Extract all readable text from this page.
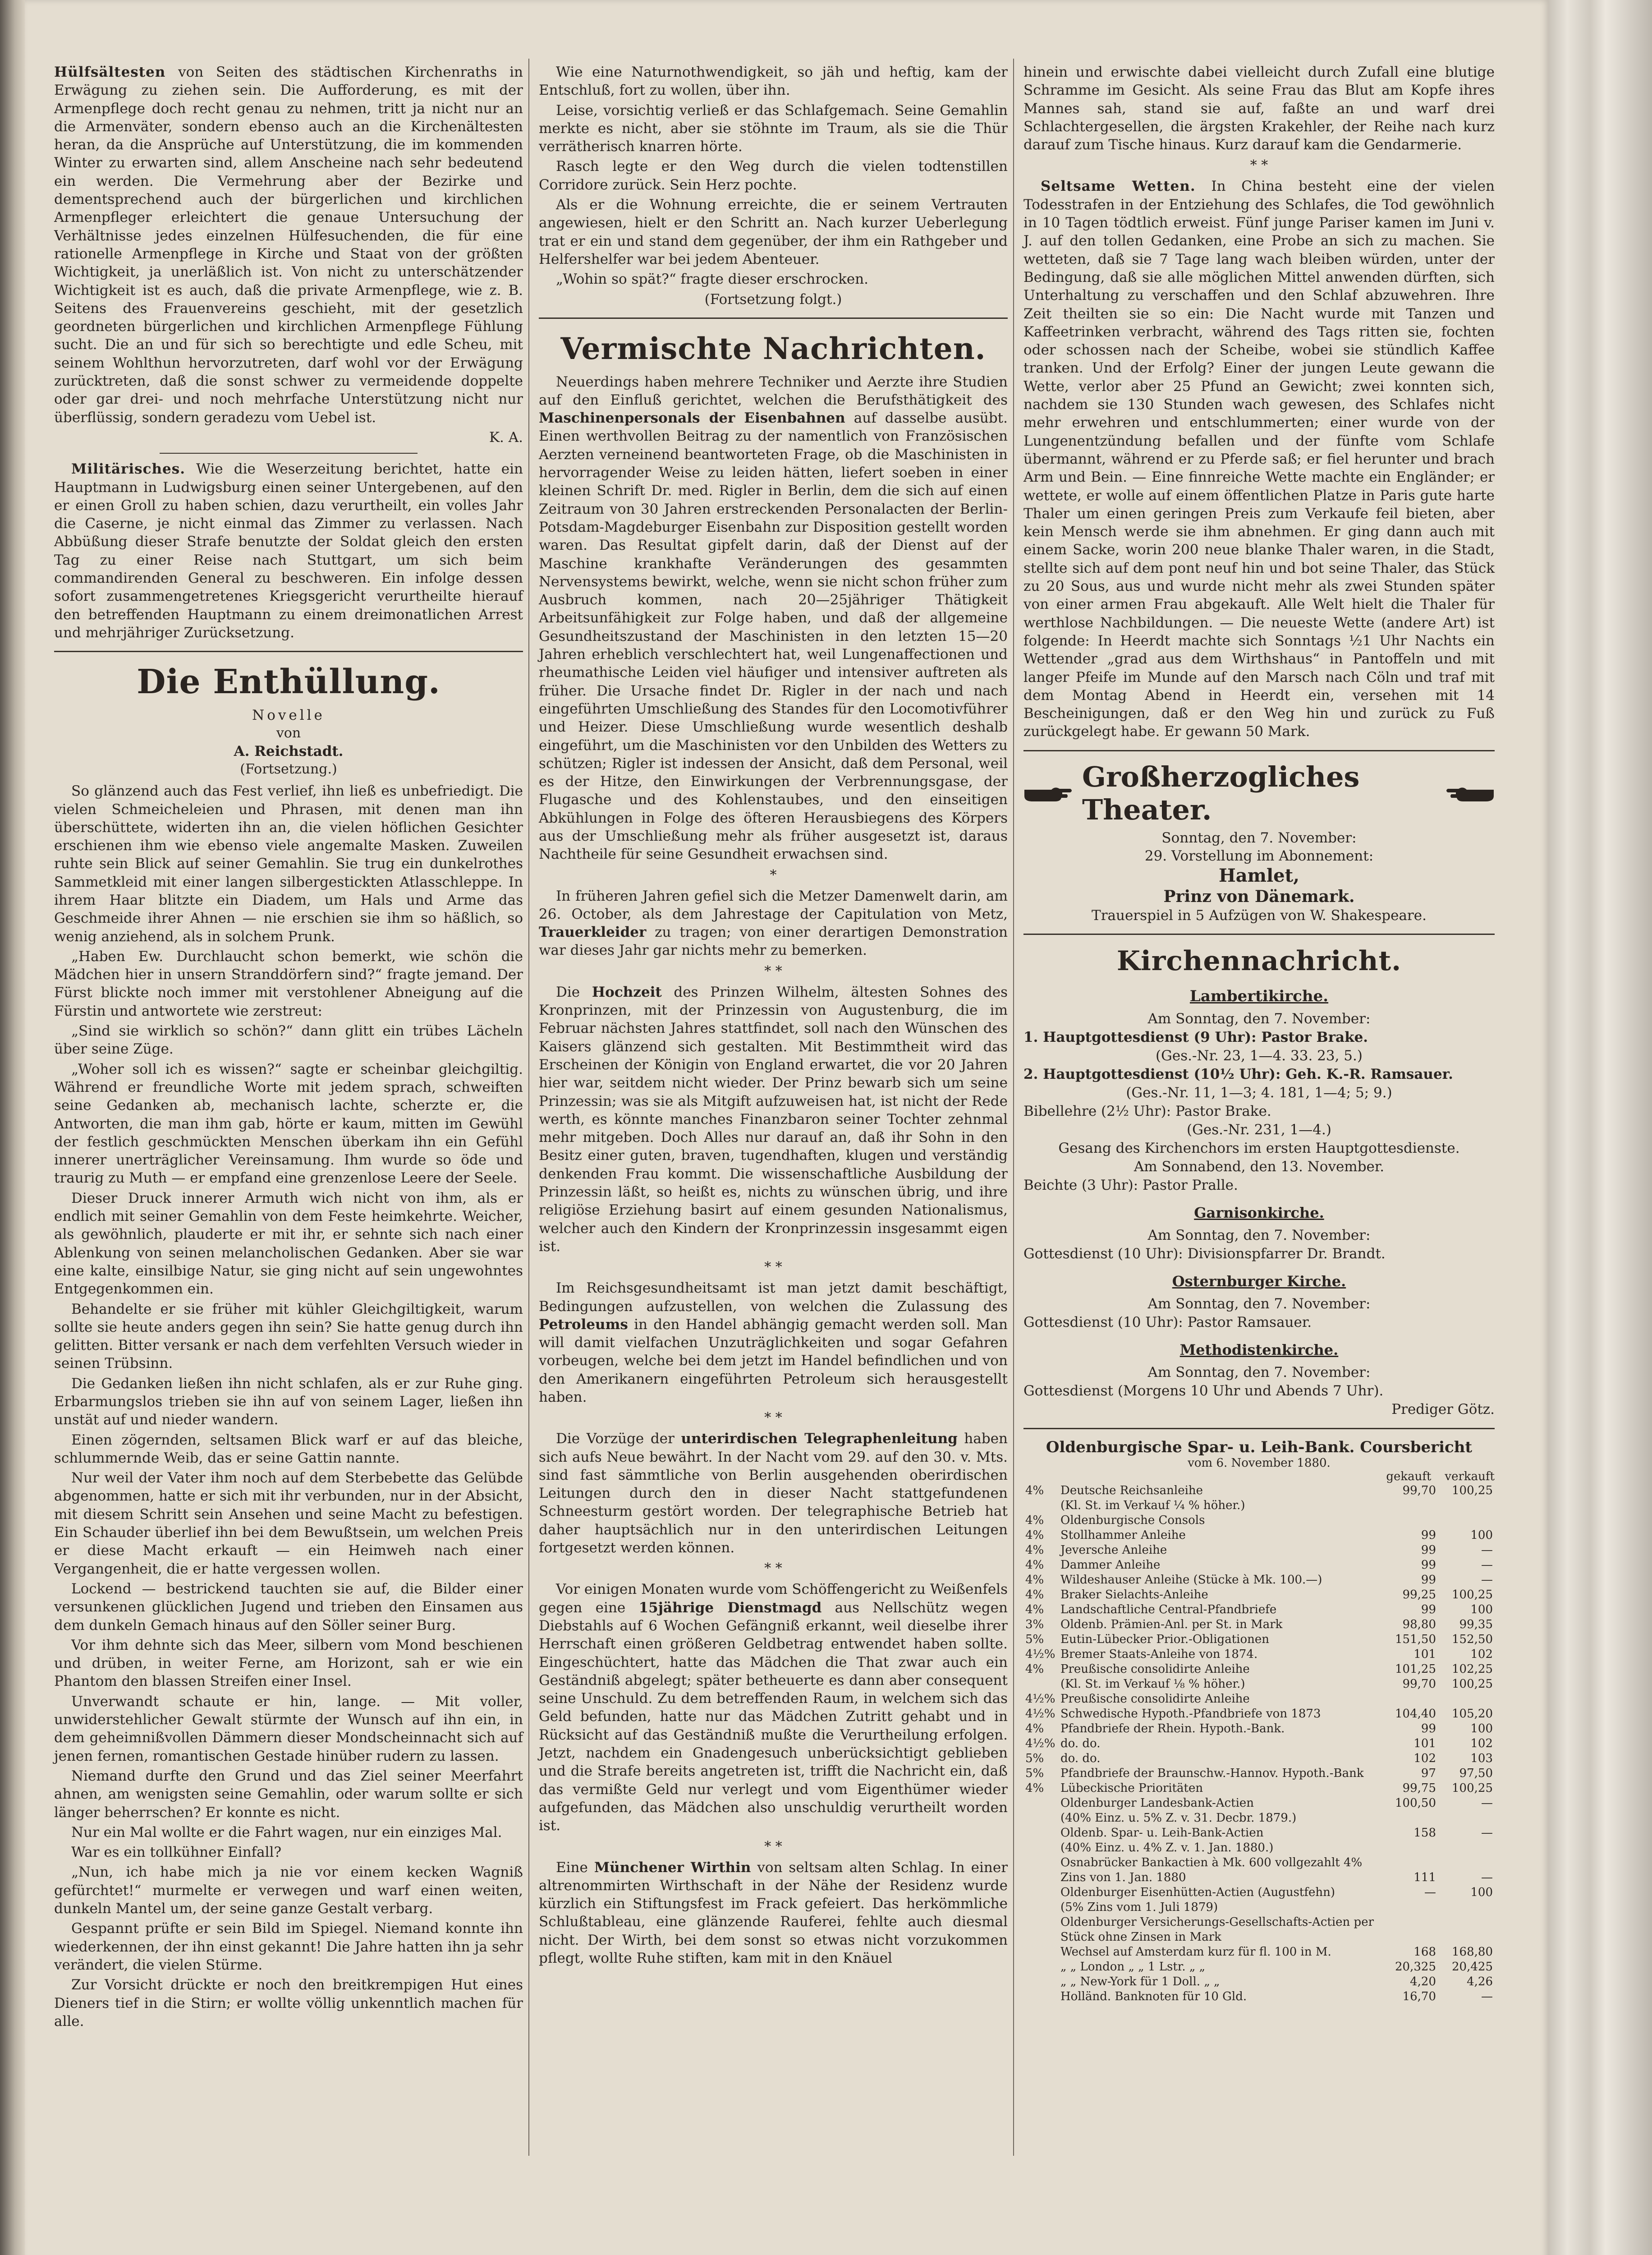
Hülfsältesten von Seiten des städtischen Kirchenraths in Erwägung zu ziehen sein. Die Aufforderung, es mit der Armenpflege doch recht genau zu nehmen, tritt ja nicht nur an die Armenväter, sondern ebenso auch an die Kirchenältesten heran, da die Ansprüche auf Unterstützung, die im kommenden Winter zu erwarten sind, allem Anscheine nach sehr bedeutend ein werden. Die Vermehrung aber der Bezirke und dementsprechend auch der bürgerlichen und kirchlichen Armenpfleger erleichtert die genaue Untersuchung der Verhältnisse jedes einzelnen Hülfesuchenden, die für eine rationelle Armenpflege in Kirche und Staat von der größten Wichtigkeit, ja unerläßlich ist. Von nicht zu unterschätzender Wichtigkeit ist es auch, daß die private Armenpflege, wie z. B. Seitens des Frauenvereins geschieht, mit der gesetzlich geordneten bürgerlichen und kirchlichen Armenpflege Fühlung sucht. Die an und für sich so berechtigte und edle Scheu, mit seinem Wohlthun hervorzutreten, darf wohl vor der Erwägung zurücktreten, daß die sonst schwer zu vermeidende doppelte oder gar drei- und noch mehrfache Unterstützung nicht nur überflüssig, sondern geradezu vom Uebel ist.

K. A.

Militärisches. Wie die Weserzeitung berichtet, hatte ein Hauptmann in Ludwigsburg einen seiner Untergebenen, auf den er einen Groll zu haben schien, dazu verurtheilt, ein volles Jahr die Caserne, je nicht einmal das Zimmer zu verlassen. Nach Abbüßung dieser Strafe benutzte der Soldat gleich den ersten Tag zu einer Reise nach Stuttgart, um sich beim commandirenden General zu beschweren. Ein infolge dessen sofort zusammengetretenes Kriegsgericht verurtheilte hierauf den betreffenden Hauptmann zu einem dreimonatlichen Arrest und mehrjähriger Zurücksetzung.

Die Enthüllung.

Novelle

von

A. Reichstadt.

(Fortsetzung.)

So glänzend auch das Fest verlief, ihn ließ es unbefriedigt. Die vielen Schmeicheleien und Phrasen, mit denen man ihn überschüttete, widerten ihn an, die vielen höflichen Gesichter erschienen ihm wie ebenso viele angemalte Masken. Zuweilen ruhte sein Blick auf seiner Gemahlin. Sie trug ein dunkelrothes Sammetkleid mit einer langen silbergestickten Atlasschleppe. In ihrem Haar blitzte ein Diadem, um Hals und Arme das Geschmeide ihrer Ahnen — nie erschien sie ihm so häßlich, so wenig anziehend, als in solchem Prunk.

„Haben Ew. Durchlaucht schon bemerkt, wie schön die Mädchen hier in unsern Stranddörfern sind?“ fragte jemand. Der Fürst blickte noch immer mit verstohlener Abneigung auf die Fürstin und antwortete wie zerstreut:

„Sind sie wirklich so schön?“ dann glitt ein trübes Lächeln über seine Züge.

„Woher soll ich es wissen?“ sagte er scheinbar gleichgiltig. Während er freundliche Worte mit jedem sprach, schweiften seine Gedanken ab, mechanisch lachte, scherzte er, die Antworten, die man ihm gab, hörte er kaum, mitten im Gewühl der festlich geschmückten Menschen überkam ihn ein Gefühl innerer unerträglicher Vereinsamung. Ihm wurde so öde und traurig zu Muth — er empfand eine grenzenlose Leere der Seele.

Dieser Druck innerer Armuth wich nicht von ihm, als er endlich mit seiner Gemahlin von dem Feste heimkehrte. Weicher, als gewöhnlich, plauderte er mit ihr, er sehnte sich nach einer Ablenkung von seinen melancholischen Gedanken. Aber sie war eine kalte, einsilbige Natur, sie ging nicht auf sein ungewohntes Entgegenkommen ein.

Behandelte er sie früher mit kühler Gleichgiltigkeit, warum sollte sie heute anders gegen ihn sein? Sie hatte genug durch ihn gelitten. Bitter versank er nach dem verfehlten Versuch wieder in seinen Trübsinn.

Die Gedanken ließen ihn nicht schlafen, als er zur Ruhe ging. Erbarmungslos trieben sie ihn auf von seinem Lager, ließen ihn unstät auf und nieder wandern.

Einen zögernden, seltsamen Blick warf er auf das bleiche, schlummernde Weib, das er seine Gattin nannte.

Nur weil der Vater ihm noch auf dem Sterbebette das Gelübde abgenommen, hatte er sich mit ihr verbunden, nur in der Absicht, mit diesem Schritt sein Ansehen und seine Macht zu befestigen. Ein Schauder überlief ihn bei dem Bewußtsein, um welchen Preis er diese Macht erkauft — ein Heimweh nach einer Vergangenheit, die er hatte vergessen wollen.

Lockend — bestrickend tauchten sie auf, die Bilder einer versunkenen glücklichen Jugend und trieben den Einsamen aus dem dunkeln Gemach hinaus auf den Söller seiner Burg.

Vor ihm dehnte sich das Meer, silbern vom Mond beschienen und drüben, in weiter Ferne, am Horizont, sah er wie ein Phantom den blassen Streifen einer Insel.

Unverwandt schaute er hin, lange. — Mit voller, unwiderstehlicher Gewalt stürmte der Wunsch auf ihn ein, in dem geheimnißvollen Dämmern dieser Mondscheinnacht sich auf jenen fernen, romantischen Gestade hinüber rudern zu lassen.

Niemand durfte den Grund und das Ziel seiner Meerfahrt ahnen, am wenigsten seine Gemahlin, oder warum sollte er sich länger beherrschen? Er konnte es nicht.

Nur ein Mal wollte er die Fahrt wagen, nur ein einziges Mal.

War es ein tollkühner Einfall?

„Nun, ich habe mich ja nie vor einem kecken Wagniß gefürchtet!“ murmelte er verwegen und warf einen weiten, dunkeln Mantel um, der seine ganze Gestalt verbarg.

Gespannt prüfte er sein Bild im Spiegel. Niemand konnte ihn wiederkennen, der ihn einst gekannt! Die Jahre hatten ihn ja sehr verändert, die vielen Stürme.

Zur Vorsicht drückte er noch den breitkrempigen Hut eines Dieners tief in die Stirn; er wollte völlig unkenntlich machen für alle.

Wie eine Naturnothwendigkeit, so jäh und heftig, kam der Entschluß, fort zu wollen, über ihn.

Leise, vorsichtig verließ er das Schlafgemach. Seine Gemahlin merkte es nicht, aber sie stöhnte im Traum, als sie die Thür verrätherisch knarren hörte.

Rasch legte er den Weg durch die vielen todtenstillen Corridore zurück. Sein Herz pochte.

Als er die Wohnung erreichte, die er seinem Vertrauten angewiesen, hielt er den Schritt an. Nach kurzer Ueberlegung trat er ein und stand dem gegenüber, der ihm ein Rathgeber und Helfershelfer war bei jedem Abenteuer.

„Wohin so spät?“ fragte dieser erschrocken.

(Fortsetzung folgt.)

Vermischte Nachrichten.

Neuerdings haben mehrere Techniker und Aerzte ihre Studien auf den Einfluß gerichtet, welchen die Berufsthätigkeit des Maschinenpersonals der Eisenbahnen auf dasselbe ausübt. Einen werthvollen Beitrag zu der namentlich von Französischen Aerzten verneinend beantworteten Frage, ob die Maschinisten in hervorragender Weise zu leiden hätten, liefert soeben in einer kleinen Schrift Dr. med. Rigler in Berlin, dem die sich auf einen Zeitraum von 30 Jahren erstreckenden Personalacten der Berlin-Potsdam-Magdeburger Eisenbahn zur Disposition gestellt worden waren. Das Resultat gipfelt darin, daß der Dienst auf der Maschine krankhafte Veränderungen des gesammten Nervensystems bewirkt, welche, wenn sie nicht schon früher zum Ausbruch kommen, nach 20—25jähriger Thätigkeit Arbeitsunfähigkeit zur Folge haben, und daß der allgemeine Gesundheitszustand der Maschinisten in den letzten 15—20 Jahren erheblich verschlechtert hat, weil Lungenaffectionen und rheumathische Leiden viel häufiger und intensiver auftreten als früher. Die Ursache findet Dr. Rigler in der nach und nach eingeführten Umschließung des Standes für den Locomotivführer und Heizer. Diese Umschließung wurde wesentlich deshalb eingeführt, um die Maschinisten vor den Unbilden des Wetters zu schützen; Rigler ist indessen der Ansicht, daß dem Personal, weil es der Hitze, den Einwirkungen der Verbrennungsgase, der Flugasche und des Kohlenstaubes, und den einseitigen Abkühlungen in Folge des öfteren Herausbiegens des Körpers aus der Umschließung mehr als früher ausgesetzt ist, daraus Nachtheile für seine Gesundheit erwachsen sind.

*

In früheren Jahren gefiel sich die Metzer Damenwelt darin, am 26. October, als dem Jahrestage der Capitulation von Metz, Trauerkleider zu tragen; von einer derartigen Demonstration war dieses Jahr gar nichts mehr zu bemerken.

* *

Die Hochzeit des Prinzen Wilhelm, ältesten Sohnes des Kronprinzen, mit der Prinzessin von Augustenburg, die im Februar nächsten Jahres stattfindet, soll nach den Wünschen des Kaisers glänzend sich gestalten. Mit Bestimmtheit wird das Erscheinen der Königin von England erwartet, die vor 20 Jahren hier war, seitdem nicht wieder. Der Prinz bewarb sich um seine Prinzessin; was sie als Mitgift aufzuweisen hat, ist nicht der Rede werth, es könnte manches Finanzbaron seiner Tochter zehnmal mehr mitgeben. Doch Alles nur darauf an, daß ihr Sohn in den Besitz einer guten, braven, tugendhaften, klugen und verständig denkenden Frau kommt. Die wissenschaftliche Ausbildung der Prinzessin läßt, so heißt es, nichts zu wünschen übrig, und ihre religiöse Erziehung basirt auf einem gesunden Nationalismus, welcher auch den Kindern der Kronprinzessin insgesammt eigen ist.

* *

Im Reichsgesundheitsamt ist man jetzt damit beschäftigt, Bedingungen aufzustellen, von welchen die Zulassung des Petroleums in den Handel abhängig gemacht werden soll. Man will damit vielfachen Unzuträglichkeiten und sogar Gefahren vorbeugen, welche bei dem jetzt im Handel befindlichen und von den Amerikanern eingeführten Petroleum sich herausgestellt haben.

* *

Die Vorzüge der unterirdischen Telegraphenleitung haben sich aufs Neue bewährt. In der Nacht vom 29. auf den 30. v. Mts. sind fast sämmtliche von Berlin ausgehenden oberirdischen Leitungen durch den in dieser Nacht stattgefundenen Schneesturm gestört worden. Der telegraphische Betrieb hat daher hauptsächlich nur in den unterirdischen Leitungen fortgesetzt werden können.

* *

Vor einigen Monaten wurde vom Schöffengericht zu Weißenfels gegen eine 15jährige Dienstmagd aus Nellschütz wegen Diebstahls auf 6 Wochen Gefängniß erkannt, weil dieselbe ihrer Herrschaft einen größeren Geldbetrag entwendet haben sollte. Eingeschüchtert, hatte das Mädchen die That zwar auch ein Geständniß abgelegt; später betheuerte es dann aber consequent seine Unschuld. Zu dem betreffenden Raum, in welchem sich das Geld befunden, hatte nur das Mädchen Zutritt gehabt und in Rücksicht auf das Geständniß mußte die Verurtheilung erfolgen. Jetzt, nachdem ein Gnadengesuch unberücksichtigt geblieben und die Strafe bereits angetreten ist, trifft die Nachricht ein, daß das vermißte Geld nur verlegt und vom Eigenthümer wieder aufgefunden, das Mädchen also unschuldig verurtheilt worden ist.

* *

Eine Münchener Wirthin von seltsam alten Schlag. In einer altrenommirten Wirthschaft in der Nähe der Residenz wurde kürzlich ein Stiftungsfest im Frack gefeiert. Das herkömmliche Schlußtableau, eine glänzende Rauferei, fehlte auch diesmal nicht. Der Wirth, bei dem sonst so etwas nicht vorzukommen pflegt, wollte Ruhe stiften, kam mit in den Knäuel

hinein und erwischte dabei vielleicht durch Zufall eine blutige Schramme im Gesicht. Als seine Frau das Blut am Kopfe ihres Mannes sah, stand sie auf, faßte an und warf drei Schlachtergesellen, die ärgsten Krakehler, der Reihe nach kurz darauf zum Tische hinaus. Kurz darauf kam die Gendarmerie.

* *

Seltsame Wetten. In China besteht eine der vielen Todesstrafen in der Entziehung des Schlafes, die Tod gewöhnlich in 10 Tagen tödtlich erweist. Fünf junge Pariser kamen im Juni v. J. auf den tollen Gedanken, eine Probe an sich zu machen. Sie wetteten, daß sie 7 Tage lang wach bleiben würden, unter der Bedingung, daß sie alle möglichen Mittel anwenden dürften, sich Unterhaltung zu verschaffen und den Schlaf abzuwehren. Ihre Zeit theilten sie so ein: Die Nacht wurde mit Tanzen und Kaffeetrinken verbracht, während des Tags ritten sie, fochten oder schossen nach der Scheibe, wobei sie stündlich Kaffee tranken. Und der Erfolg? Einer der jungen Leute gewann die Wette, verlor aber 25 Pfund an Gewicht; zwei konnten sich, nachdem sie 130 Stunden wach gewesen, des Schlafes nicht mehr erwehren und entschlummerten; einer wurde von der Lungenentzündung befallen und der fünfte vom Schlafe übermannt, während er zu Pferde saß; er fiel herunter und brach Arm und Bein. — Eine finnreiche Wette machte ein Engländer; er wettete, er wolle auf einem öffentlichen Platze in Paris gute harte Thaler um einen geringen Preis zum Verkaufe feil bieten, aber kein Mensch werde sie ihm abnehmen. Er ging dann auch mit einem Sacke, worin 200 neue blanke Thaler waren, in die Stadt, stellte sich auf dem pont neuf hin und bot seine Thaler, das Stück zu 20 Sous, aus und wurde nicht mehr als zwei Stunden später von einer armen Frau abgekauft. Alle Welt hielt die Thaler für werthlose Nachbildungen. — Die neueste Wette (andere Art) ist folgende: In Heerdt machte sich Sonntags ½1 Uhr Nachts ein Wettender „grad aus dem Wirthshaus“ in Pantoffeln und mit langer Pfeife im Munde auf den Marsch nach Cöln und traf mit dem Montag Abend in Heerdt ein, versehen mit 14 Bescheinigungen, daß er den Weg hin und zurück zu Fuß zurückgelegt habe. Er gewann 50 Mark.

Großherzogliches Theater.

Sonntag, den 7. November:

29. Vorstellung im Abonnement:

Hamlet,

Prinz von Dänemark.

Trauerspiel in 5 Aufzügen von W. Shakespeare.

Kirchennachricht.

Lambertikirche.

Am Sonntag, den 7. November:

1. Hauptgottesdienst (9 Uhr): Pastor Brake.

(Ges.-Nr. 23, 1—4. 33. 23, 5.)

2. Hauptgottesdienst (10½ Uhr): Geh. K.-R. Ramsauer.

(Ges.-Nr. 11, 1—3; 4. 181, 1—4; 5; 9.)

Bibellehre (2½ Uhr): Pastor Brake.

(Ges.-Nr. 231, 1—4.)

Gesang des Kirchenchors im ersten Hauptgottesdienste.

Am Sonnabend, den 13. November.

Beichte (3 Uhr): Pastor Pralle.

Garnisonkirche.

Am Sonntag, den 7. November:

Gottesdienst (10 Uhr): Divisionspfarrer Dr. Brandt.

Osternburger Kirche.

Am Sonntag, den 7. November:

Gottesdienst (10 Uhr): Pastor Ramsauer.

Methodistenkirche.

Am Sonntag, den 7. November:

Gottesdienst (Morgens 10 Uhr und Abends 7 Uhr).

Prediger Götz.

Oldenburgische Spar- u. Leih-Bank. Coursbericht
vom 6. November 1880.
gekauft verkauft
4%	Deutsche Reichsanleihe	99,70	100,25
	(Kl. St. im Verkauf ¼ % höher.)		
4%	Oldenburgische Consols		
4%	Stollhammer Anleihe	99	100
4%	Jeversche Anleihe	99	—
4%	Dammer Anleihe	99	—
4%	Wildeshauser Anleihe (Stücke à Mk. 100.—)	99	—
4%	Braker Sielachts-Anleihe	99,25	100,25
4%	Landschaftliche Central-Pfandbriefe	99	100
3%	Oldenb. Prämien-Anl. per St. in Mark	98,80	99,35
5%	Eutin-Lübecker Prior.-Obligationen	151,50	152,50
4½%	Bremer Staats-Anleihe von 1874.	101	102
4%	Preußische consolidirte Anleihe	101,25	102,25
	(Kl. St. im Verkauf ⅛ % höher.)	99,70	100,25
4½%	Preußische consolidirte Anleihe		
4½%	Schwedische Hypoth.-Pfandbriefe von 1873	104,40	105,20
4%	Pfandbriefe der Rhein. Hypoth.-Bank.	99	100
4½%	do. do.	101	102
5%	do. do.	102	103
5%	Pfandbriefe der Braunschw.-Hannov. Hypoth.-Bank	97	97,50
4%	Lübeckische Prioritäten	99,75	100,25
	Oldenburger Landesbank-Actien	100,50	—
	(40% Einz. u. 5% Z. v. 31. Decbr. 1879.)		
	Oldenb. Spar- u. Leih-Bank-Actien	158	—
	(40% Einz. u. 4% Z. v. 1. Jan. 1880.)		
	Osnabrücker Bankactien à Mk. 600 vollgezahlt 4%		
	Zins von 1. Jan. 1880	111	—
	Oldenburger Eisenhütten-Actien (Augustfehn)	—	100
	(5% Zins vom 1. Juli 1879)		
	Oldenburger Versicherungs-Gesellschafts-Actien per Stück ohne Zinsen in Mark		
	Wechsel auf Amsterdam kurz für fl. 100 in M.	168	168,80
	„ „ London „ „ 1 Lstr. „ „	20,325	20,425
	„ „ New-York für 1 Doll. „ „	4,20	4,26
	Holländ. Banknoten für 10 Gld.	16,70	—
